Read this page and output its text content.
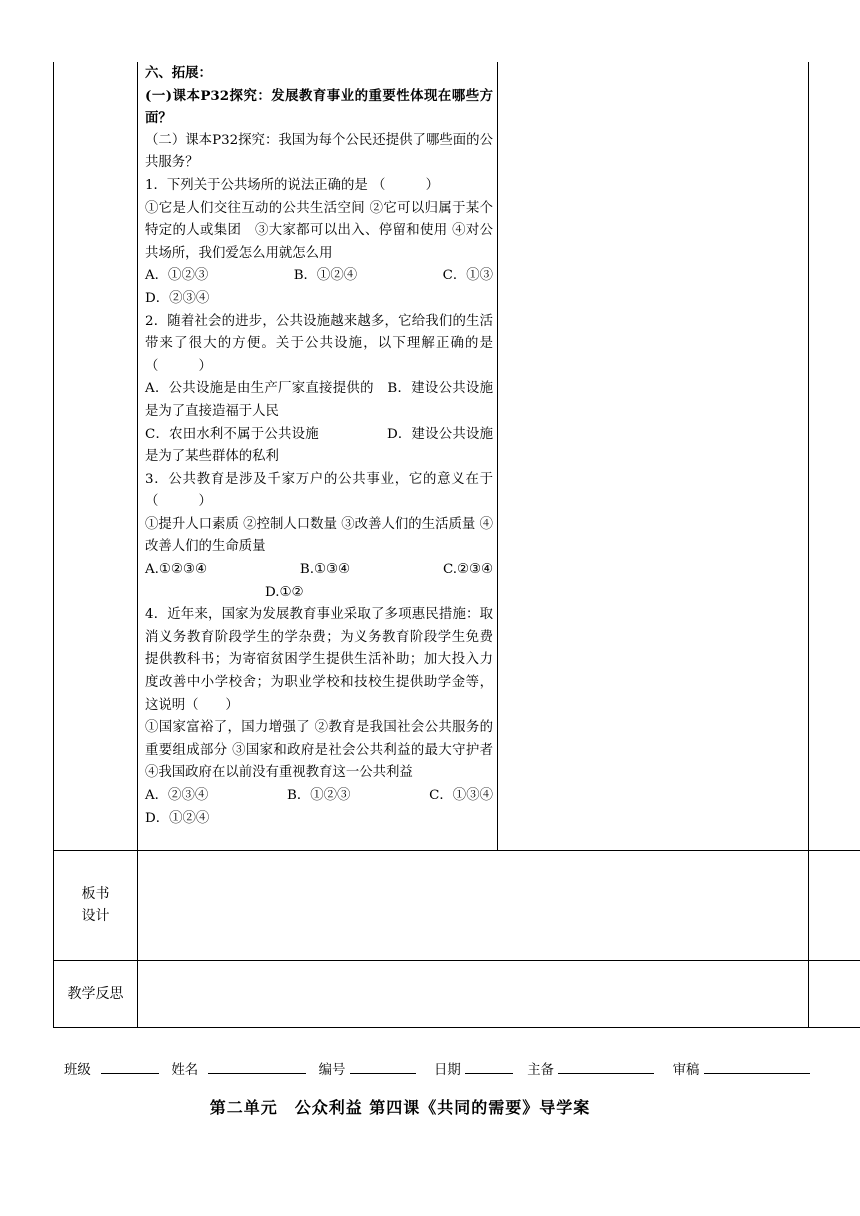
六、拓展：

(一)课本P32探究：发展教育事业的重要性体现在哪些方面？

（二）课本P32探究：我国为每个公民还提供了哪些面的公共服务？

1．下列关于公共场所的说法正确的是 （　　　）

①它是人们交往互动的公共生活空间 ②它可以归属于某个特定的人或集团　③大家都可以出入、停留和使用 ④对公共场所，我们爱怎么用就怎么用

A．①②③	B．①②④	C．①③

D．②③④

2．随着社会的进步，公共设施越来越多，它给我们的生活带来了很大的方便。关于公共设施，以下理解正确的是（　　　）

A．公共设施是由生产厂家直接提供的　B．建设公共设施是为了直接造福于人民

C．农田水利不属于公共设施　　　　　D．建设公共设施是为了某些群体的私利

3．公共教育是涉及千家万户的公共事业，它的意义在于 （　　　）

①提升人口素质 ②控制人口数量 ③改善人们的生活质量 ④改善人们的生命质量

A.①②③④	B.①③④	C.②③④

D.①②

4．近年来，国家为发展教育事业采取了多项惠民措施：取消义务教育阶段学生的学杂费；为义务教育阶段学生免费提供教科书；为寄宿贫困学生提供生活补助；加大投入力度改善中小学校舍；为职业学校和技校生提供助学金等，这说明（　　）

①国家富裕了，国力增强了 ②教育是我国社会公共服务的重要组成部分 ③国家和政府是社会公共利益的最大守护者 ④我国政府在以前没有重视教育这一公共利益

A．②③④	B．①②③	C．①③④

D．①②④

板书
设计
教学反思
班级	姓名	编号	日期	主备	审稿
第二单元　公众利益 第四课《共同的需要》导学案
